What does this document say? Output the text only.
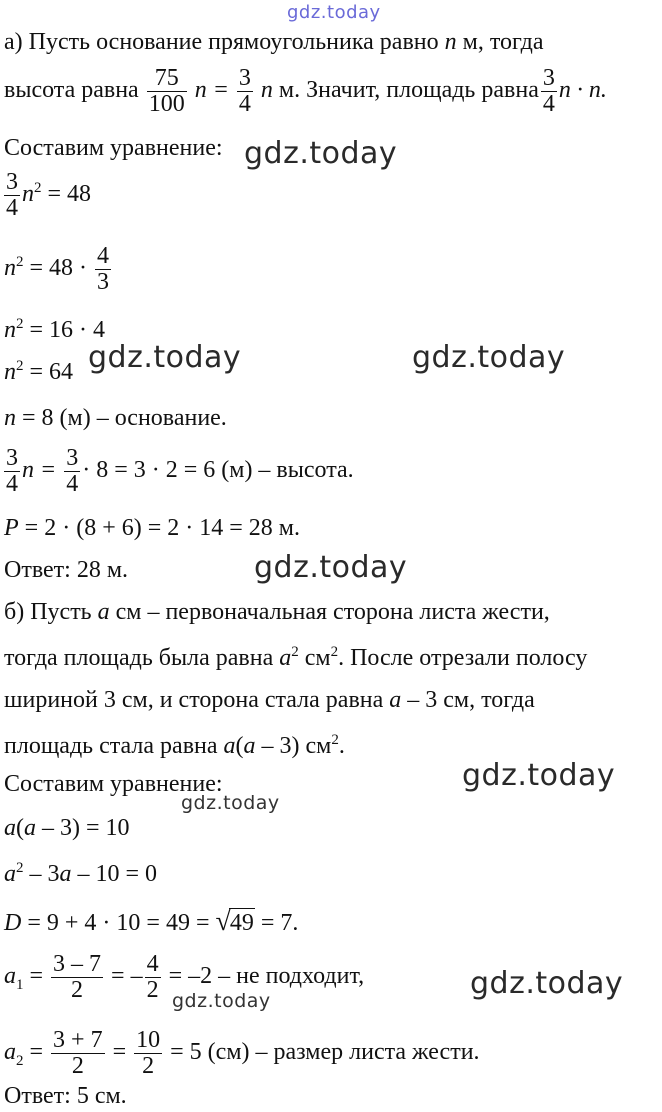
gdz.today
gdz.today
gdz.today	gdz.today
gdz.today
gdz.today
gdz.today
gdz.today
gdz.today
а) Пусть основание прямоугольника равно n м, тогда
высота равна $\frac{75}{100}$ $n = \frac{3}{4}$ n м. Значит, площадь равна $\frac{3}{4}$ n · n.
Составим уравнение:
$\frac{3}{4} n^2 = 48$
$n^2 = 48 \cdot \frac{4}{3}$
$n^2 = 16 \cdot 4$
$n^2 = 64$
n = 8 (м) – основание.
$\frac{3}{4}$ $n = \frac{3}{4} \cdot 8 = 3 \cdot 2 = 6$ (м) – высота.
P = 2 · (8 + 6) = 2 · 14 = 28 м.
Ответ: 28 м.
б) Пусть a см – первоначальная сторона листа жести,
тогда площадь была равна $a^2$ $см^2$. После отрезали полосу
шириной 3 см, и сторона стала равна a – 3 см, тогда
площадь стала равна a(a – 3) $см^2$.
Составим уравнение:
a(a – 3) = 10
$a^2 - 3a - 10 = 0$
D = 9 + 4 · 10 = 49 = √49 = 7.
$a_1 = \frac{3 - 7}{2}$ = – $\frac{4}{2} = -2$ – не подходит,
$a_2 = \frac{3 + 7}{2} = \frac{10}{2} = 5$ (см) – размер листа жести.
Ответ: 5 см.
